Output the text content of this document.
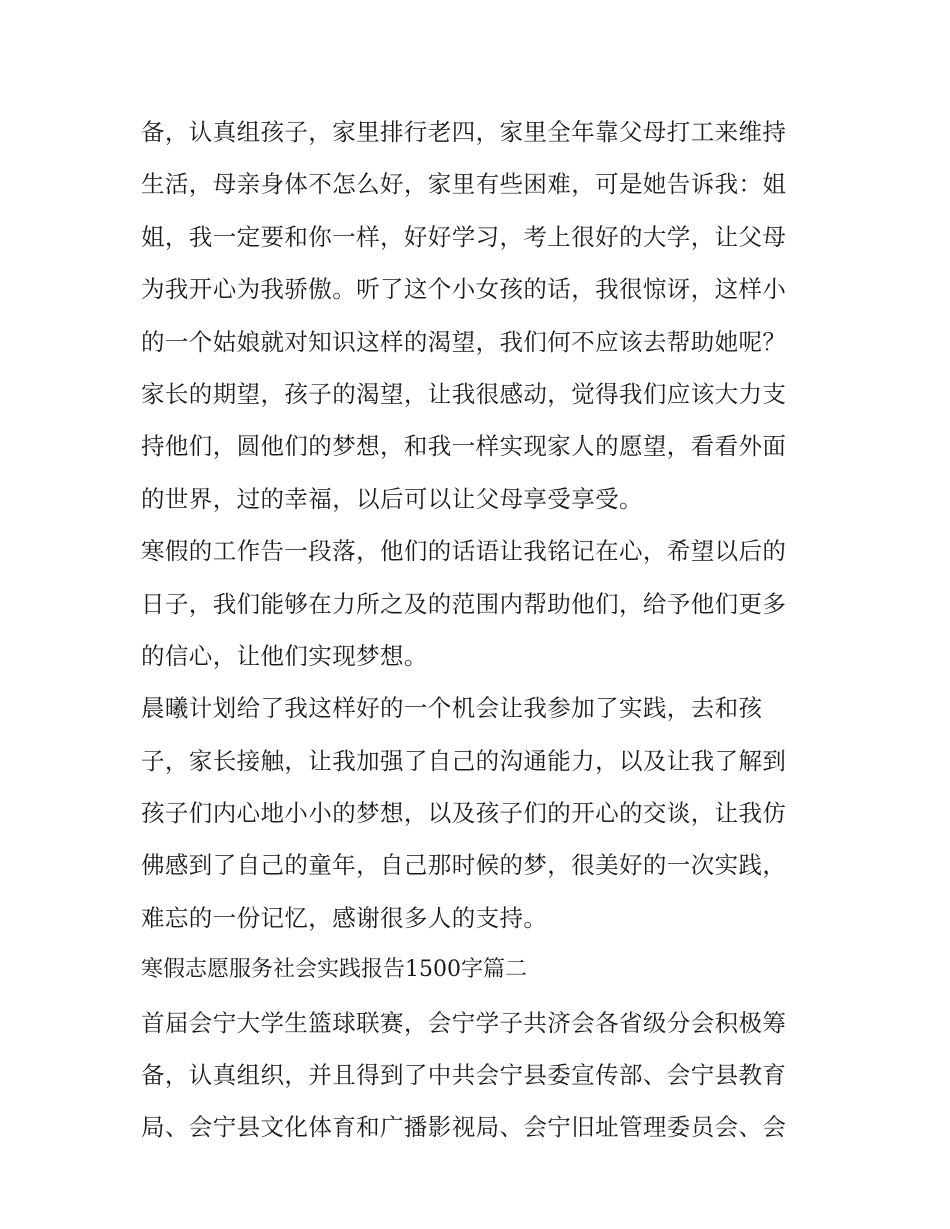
备，认真组孩子，家里排行老四，家里全年靠父母打工来维持
生活，母亲身体不怎么好，家里有些困难，可是她告诉我：姐
姐，我一定要和你一样，好好学习，考上很好的大学，让父母
为我开心为我骄傲。听了这个小女孩的话，我很惊讶，这样小
的一个姑娘就对知识这样的渴望，我们何不应该去帮助她呢？
家长的期望，孩子的渴望，让我很感动，觉得我们应该大力支
持他们，圆他们的梦想，和我一样实现家人的愿望，看看外面
的世界，过的幸福，以后可以让父母享受享受。
寒假的工作告一段落，他们的话语让我铭记在心，希望以后的
日子，我们能够在力所之及的范围内帮助他们，给予他们更多
的信心，让他们实现梦想。
晨曦计划给了我这样好的一个机会让我参加了实践，去和孩
子，家长接触，让我加强了自己的沟通能力，以及让我了解到
孩子们内心地小小的梦想，以及孩子们的开心的交谈，让我仿
佛感到了自己的童年，自己那时候的梦，很美好的一次实践，
难忘的一份记忆，感谢很多人的支持。
寒假志愿服务社会实践报告1500字篇二
首届会宁大学生篮球联赛，会宁学子共济会各省级分会积极筹
备，认真组织，并且得到了中共会宁县委宣传部、会宁县教育
局、会宁县文化体育和广播影视局、会宁旧址管理委员会、会
